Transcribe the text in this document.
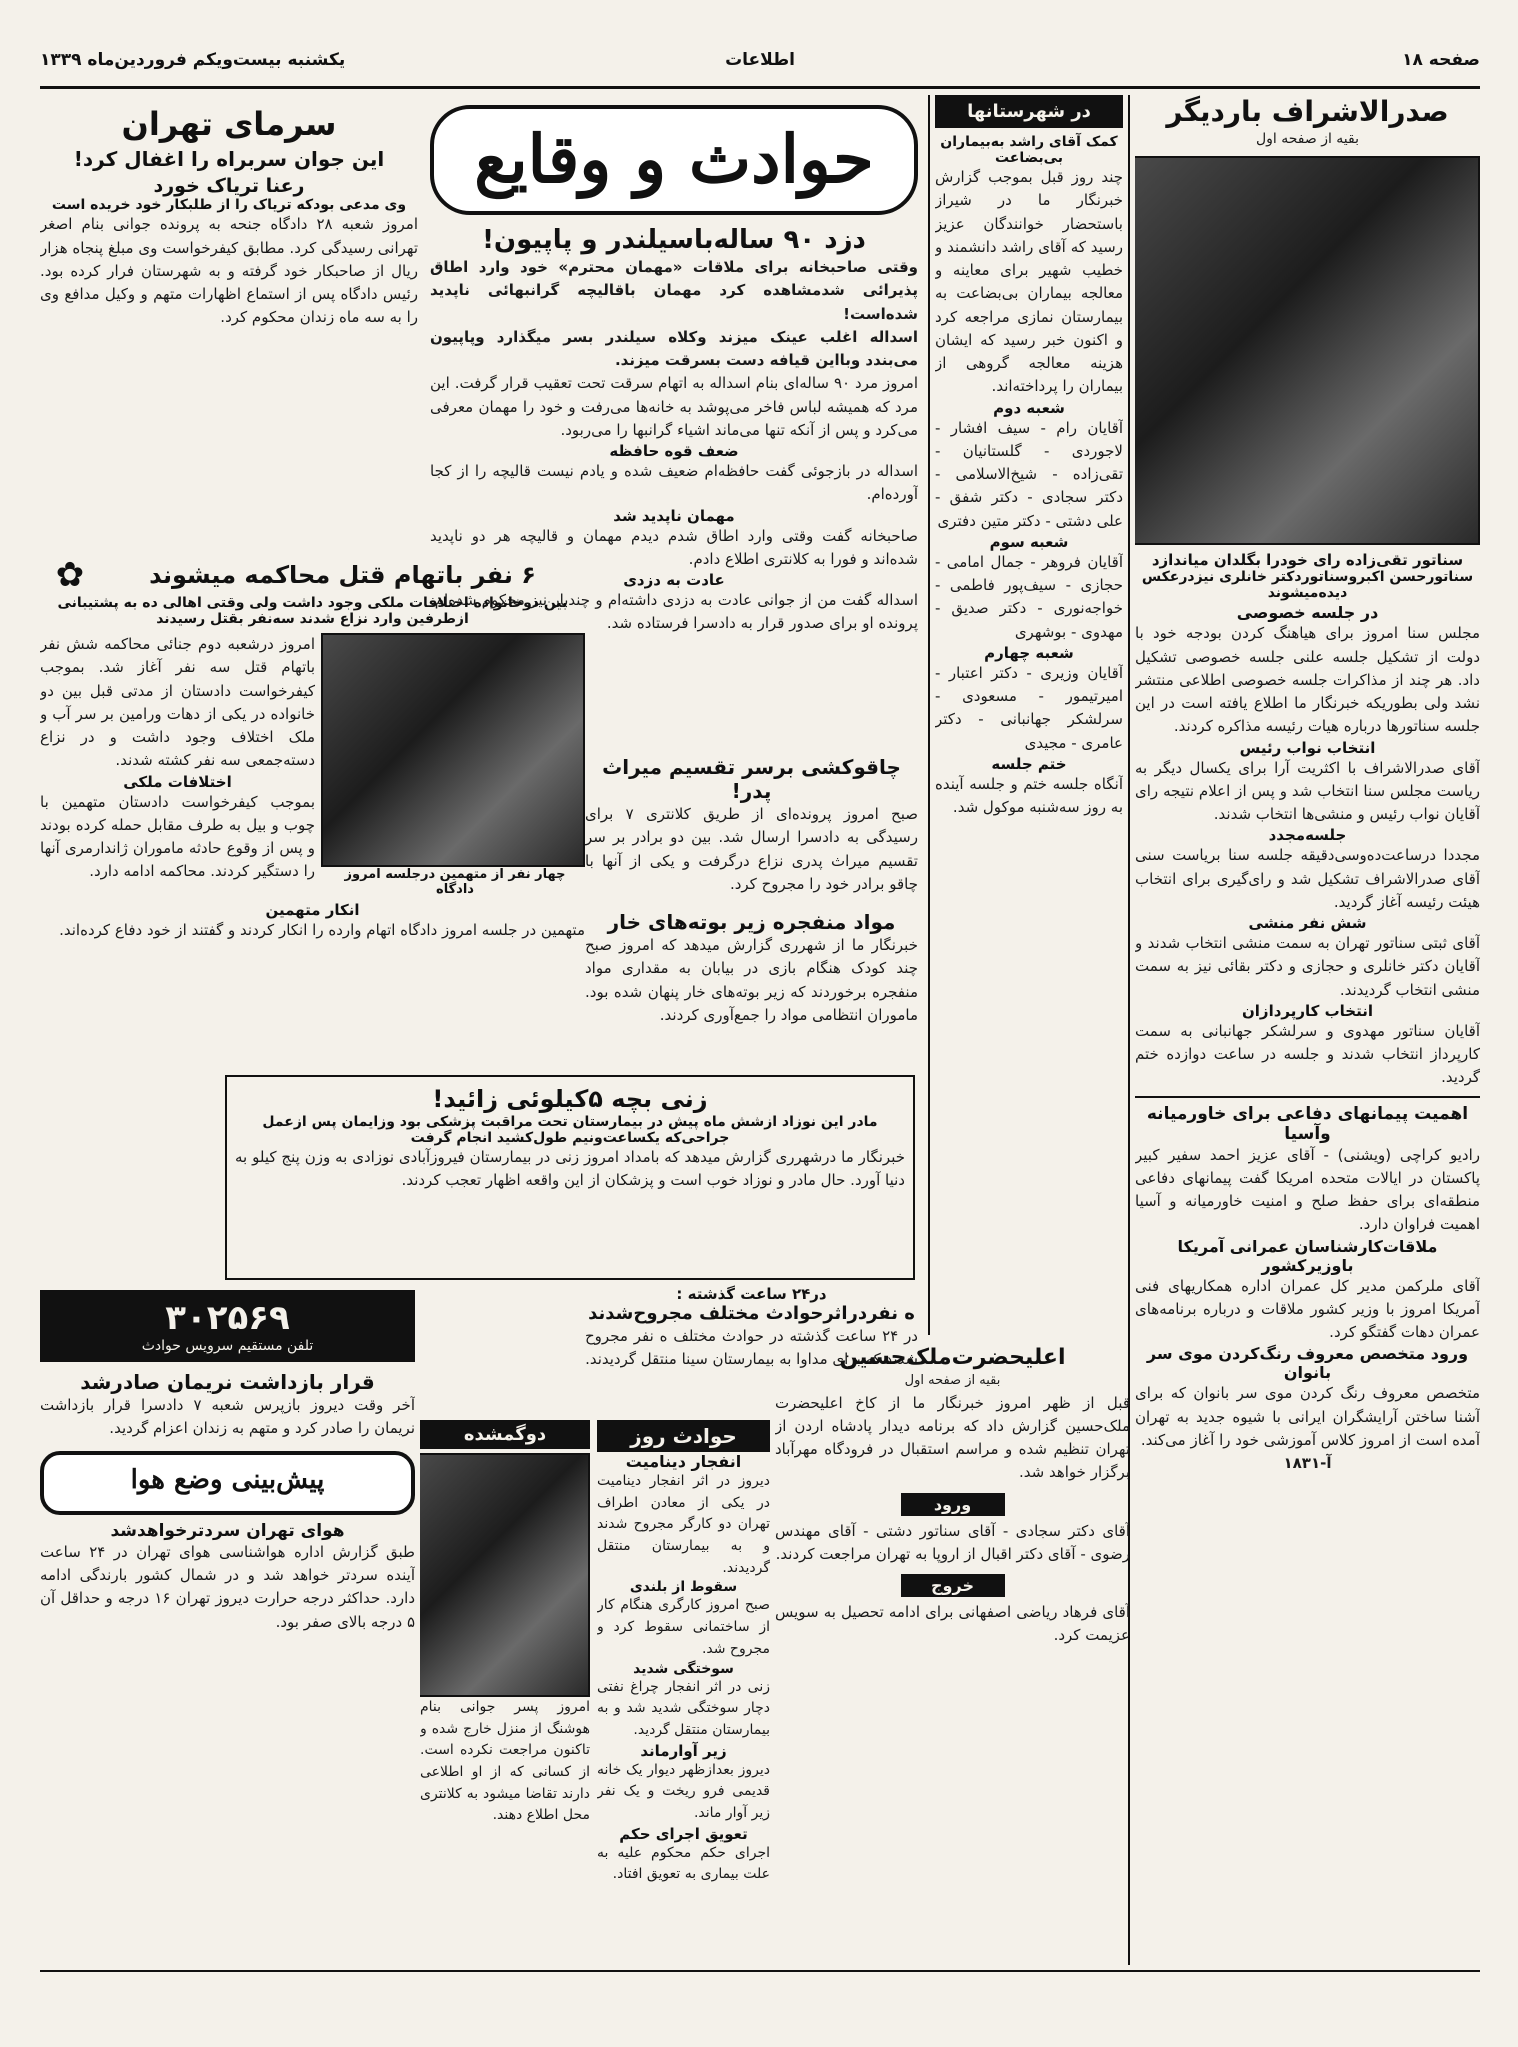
صفحه ۱۸
اطلاعات
یکشنبه بیست‌ویکم فروردین‌ماه ۱۳۳۹
صدرالاشراف باردیگر
بقیه از صفحه اول
سناتور تقی‌زاده رای خودرا بگلدان میاندازد
سناتورحسن اکبروسناتوردکتر خانلری نیزدرعکس دیده‌میشوند
در جلسه خصوصی
مجلس سنا امروز برای هیاهنگ کردن بودجه خود با دولت از تشکیل جلسه علنی جلسه خصوصی تشکیل داد. هر چند از مذاکرات جلسه خصوصی اطلاعی منتشر نشد ولی بطوریکه خبرنگار ما اطلاع یافته است در این جلسه سناتورها درباره هیات رئیسه مذاکره کردند.
انتخاب نواب رئیس
آقای صدرالاشراف با اکثریت آرا برای یکسال دیگر به ریاست مجلس سنا انتخاب شد و پس از اعلام نتیجه رای آقایان نواب رئیس و منشی‌ها انتخاب شدند.
جلسه‌مجدد
مجددا درساعت‌ده‌وسی‌دقیقه جلسه سنا بریاست سنی آقای صدرالاشراف تشکیل شد و رای‌گیری برای انتخاب هیئت رئیسه آغاز گردید.
شش نفر منشی
آقای ثبتی سناتور تهران به سمت منشی انتخاب شدند و آقایان دکتر خانلری و حجازی و دکتر بقائی نیز به سمت منشی انتخاب گردیدند.
انتخاب کارپردازان
آقایان سناتور مهدوی و سرلشکر جهانبانی به سمت کارپرداز انتخاب شدند و جلسه در ساعت دوازده ختم گردید.
اهمیت پیمانهای دفاعی برای خاورمیانه وآسیا
رادیو کراچی (ویشنی) - آقای عزیز احمد سفیر کبیر پاکستان در ایالات متحده امریکا گفت پیمانهای دفاعی منطقه‌ای برای حفظ صلح و امنیت خاورمیانه و آسیا اهمیت فراوان دارد.
ملاقات‌کارشناسان عمرانی آمریکا باوزیرکشور
آقای ملرکمن مدیر کل عمران اداره همکاریهای فنی آمریکا امروز با وزیر کشور ملاقات و درباره برنامه‌های عمران دهات گفتگو کرد.
ورود متخصص معروف رنگ‌کردن موی سر بانوان
متخصص معروف رنگ کردن موی سر بانوان که برای آشنا ساختن آرایشگران ایرانی با شیوه جدید به تهران آمده است از امروز کلاس آموزشی خود را آغاز می‌کند.
آ-۱۸۳۱
در شهرستانها
کمک آقای راشد به‌بیماران بی‌بضاعت
چند روز قبل بموجب گزارش خبرنگار ما در شیراز باستحضار خوانندگان عزیز رسید که آقای راشد دانشمند و خطیب شهیر برای معاینه و معالجه بیماران بی‌بضاعت به بیمارستان نمازی مراجعه کرد و اکنون خبر رسید که ایشان هزینه معالجه گروهی از بیماران را پرداخته‌اند.
شعبه دوم
آقایان رام - سیف افشار - لاجوردی - گلستانیان - تقی‌زاده - شیخ‌الاسلامی - دکتر سجادی - دکتر شفق - علی دشتی - دکتر متین دفتری
شعبه سوم
آقایان فروهر - جمال امامی - حجازی - سیف‌پور فاطمی - خواجه‌نوری - دکتر صدیق - مهدوی - بوشهری
شعبه چهارم
آقایان وزیری - دکتر اعتبار - امیرتیمور - مسعودی - سرلشکر جهانبانی - دکتر عامری - مجیدی
ختم جلسه
آنگاه جلسه ختم و جلسه آینده به روز سه‌شنبه موکول شد.
حوادث و وقایع
دزد ۹۰ ساله‌باسیلندر و پاپیون!
وقتی صاحبخانه برای ملاقات «مهمان محترم» خود وارد اطاق پذیرائی شدمشاهده کرد مهمان باقالیچه گرانبهائی ناپدید شده‌است!
اسداله اغلب عینک میزند وکلاه سیلندر بسر میگذارد وپاپیون می‌بندد وبااین قیافه دست بسرقت میزند.
امروز مرد ۹۰ ساله‌ای بنام اسداله به اتهام سرقت تحت تعقیب قرار گرفت. این مرد که همیشه لباس فاخر می‌پوشد به خانه‌ها می‌رفت و خود را مهمان معرفی می‌کرد و پس از آنکه تنها می‌ماند اشیاء گرانبها را می‌ربود.
ضعف قوه حافظه
اسداله در بازجوئی گفت حافظه‌ام ضعیف شده و یادم نیست قالیچه را از کجا آورده‌ام.
مهمان ناپدید شد
صاحبخانه گفت وقتی وارد اطاق شدم دیدم مهمان و قالیچه هر دو ناپدید شده‌اند و فورا به کلانتری اطلاع دادم.
عادت به دزدی
اسداله گفت من از جوانی عادت به دزدی داشته‌ام و چندبار نیز محکوم شده‌ام. پرونده او برای صدور قرار به دادسرا فرستاده شد.
چاقوکشی برسر تقسیم میراث پدر!
صبح امروز پرونده‌ای از طریق کلانتری ۷ برای رسیدگی به دادسرا ارسال شد. بین دو برادر بر سر تقسیم میراث پدری نزاع درگرفت و یکی از آنها با چاقو برادر خود را مجروح کرد.
مواد منفجره زیر بوته‌های خار
خبرنگار ما از شهرری گزارش میدهد که امروز صبح چند کودک هنگام بازی در بیابان به مقداری مواد منفجره برخوردند که زیر بوته‌های خار پنهان شده بود. ماموران انتظامی مواد را جمع‌آوری کردند.
سرمای تهران
این جوان سربراه را اغفال کرد!
رعنا تریاک خورد
وی مدعی بودکه تریاک را از طلبکار خود خریده است
امروز شعبه ۲۸ دادگاه جنحه به پرونده جوانی بنام اصغر تهرانی رسیدگی کرد. مطابق کیفرخواست وی مبلغ پنجاه هزار ریال از صاحبکار خود گرفته و به شهرستان فرار کرده بود. رئیس دادگاه پس از استماع اظهارات متهم و وکیل مدافع وی را به سه ماه زندان محکوم کرد.
۶ نفر باتهام قتل محاکمه میشوند
✿
بین دوخانواده اختلافات ملکی وجود داشت ولی وقتی اهالی ده به پشتیبانی ازطرفین وارد نزاع شدند سه‌نفر بقتل رسیدند
چهار نفر از متهمین درجلسه امروز دادگاه
امروز درشعبه دوم جنائی محاکمه شش نفر باتهام قتل سه نفر آغاز شد. بموجب کیفرخواست دادستان از مدتی قبل بین دو خانواده در یکی از دهات ورامین بر سر آب و ملک اختلاف وجود داشت و در نزاع دسته‌جمعی سه نفر کشته شدند.
اختلافات ملکی
بموجب کیفرخواست دادستان متهمین با چوب و بیل به طرف مقابل حمله کرده بودند و پس از وقوع حادثه ماموران ژاندارمری آنها را دستگیر کردند. محاکمه ادامه دارد.
انکار متهمین
متهمین در جلسه امروز دادگاه اتهام وارده را انکار کردند و گفتند از خود دفاع کرده‌اند.
زنی بچه ۵کیلوئی زائید!
مادر این نوزاد ازشش ماه پیش در بیمارستان تحت مراقبت پزشکی بود وزایمان پس ازعمل جراحی‌که یکساعت‌ونیم طول‌کشید انجام گرفت
خبرنگار ما درشهرری گزارش میدهد که بامداد امروز زنی در بیمارستان فیروزآبادی نوزادی به وزن پنج کیلو به دنیا آورد. حال مادر و نوزاد خوب است و پزشکان از این واقعه اظهار تعجب کردند.
در۲۴ ساعت گذشته :
ه نفردراثرحوادث مختلف مجروح‌شدند
در ۲۴ ساعت گذشته در حوادث مختلف ه نفر مجروح شدند که برای مداوا به بیمارستان سینا منتقل گردیدند.
۳۰۲۵۶۹
تلفن مستقیم سرویس حوادث
قرار بازداشت نریمان صادرشد
آخر وقت دیروز بازپرس شعبه ۷ دادسرا قرار بازداشت نریمان را صادر کرد و متهم به زندان اعزام گردید.
پیش‌بینی وضع هوا
هوای تهران سردترخواهدشد
طبق گزارش اداره هواشناسی هوای تهران در ۲۴ ساعت آینده سردتر خواهد شد و در شمال کشور بارندگی ادامه دارد. حداکثر درجه حرارت دیروز تهران ۱۶ درجه و حداقل آن ۵ درجه بالای صفر بود.
دوگمشده
امروز پسر جوانی بنام هوشنگ از منزل خارج شده و تاکنون مراجعت نکرده است. از کسانی که از او اطلاعی دارند تقاضا میشود به کلانتری محل اطلاع دهند.
حوادث روز
انفجار دینامیت
دیروز در اثر انفجار دینامیت در یکی از معادن اطراف تهران دو کارگر مجروح شدند و به بیمارستان منتقل گردیدند.
سقوط از بلندی
صبح امروز کارگری هنگام کار از ساختمانی سقوط کرد و مجروح شد.
سوختگی شدید
زنی در اثر انفجار چراغ نفتی دچار سوختگی شدید شد و به بیمارستان منتقل گردید.
زیر آوارماند
دیروز بعدازظهر دیوار یک خانه قدیمی فرو ریخت و یک نفر زیر آوار ماند.
تعویق اجرای حکم
اجرای حکم محکوم علیه به علت بیماری به تعویق افتاد.
اعلیحضرت‌ملک‌حسین
بقیه از صفحه اول
قبل از ظهر امروز خبرنگار ما از کاخ اعلیحضرت ملک‌حسین گزارش داد که برنامه دیدار پادشاه اردن از تهران تنظیم شده و مراسم استقبال در فرودگاه مهرآباد برگزار خواهد شد.
ورود
آقای دکتر سجادی - آقای سناتور دشتی - آقای مهندس رضوی - آقای دکتر اقبال از اروپا به تهران مراجعت کردند.
خروج
آقای فرهاد ریاضی اصفهانی برای ادامه تحصیل به سویس عزیمت کرد.
